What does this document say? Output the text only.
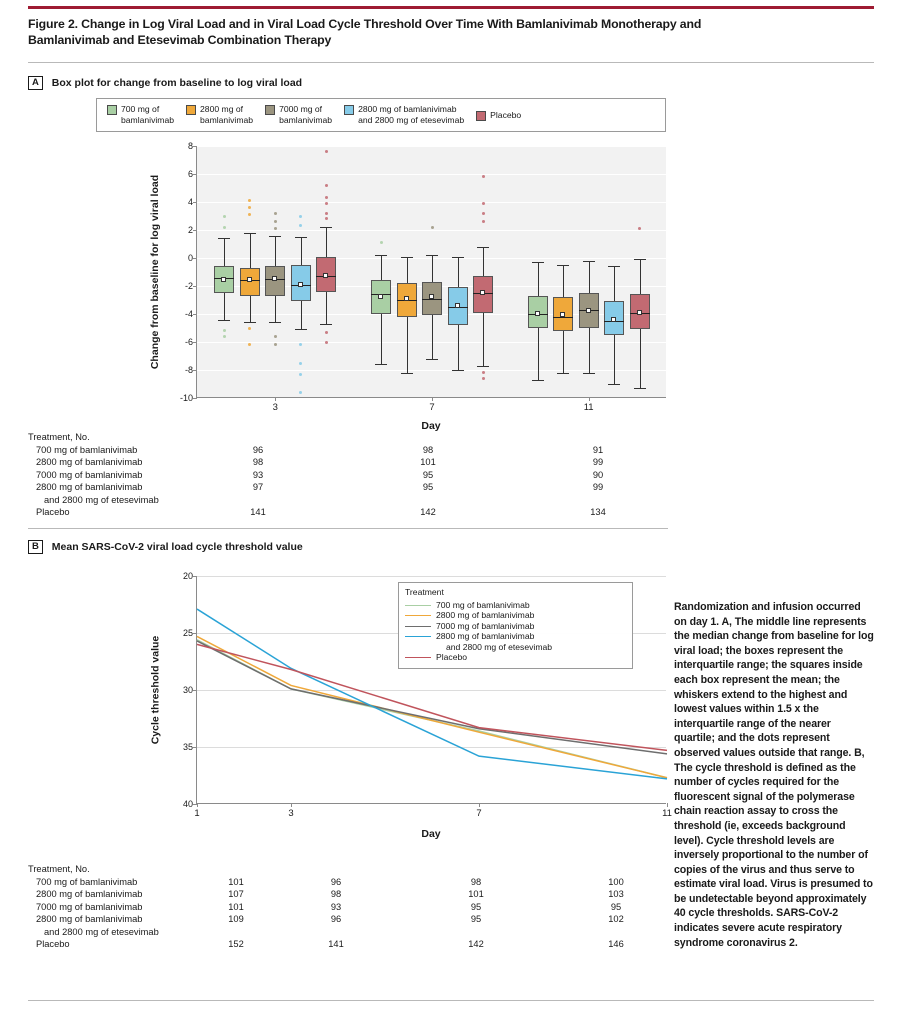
Figure 2. Change in Log Viral Load and in Viral Load Cycle Threshold Over Time With Bamlanivimab Monotherapy and Bamlanivimab and Etesevimab Combination Therapy
A Box plot for change from baseline to log viral load
700 mg of
bamlanivimab
2800 mg of
bamlanivimab
7000 mg of
bamlanivimab
2800 mg of bamlanivimab
and 2800 mg of etesevimab
Placebo
Change from baseline for log viral load
8
6
4
2
0
-2
-4
-6
-8
-10
3	7	11
Day
Treatment, No.
700 mg of bamlanivimab	96	98	91
2800 mg of bamlanivimab	98	101	99
7000 mg of bamlanivimab	93	95	90
2800 mg of bamlanivimab	97	95	99
and 2800 mg of etesevimab
Placebo	141	142	134
B Mean SARS-CoV-2 viral load cycle threshold value
Cycle threshold value
20
25
30
35
40
1	3	7	11
Treatment
700 mg of bamlanivimab
2800 mg of bamlanivimab
7000 mg of bamlanivimab
2800 mg of bamlanivimab
and 2800 mg of etesevimab
Placebo
Day
Treatment, No.
700 mg of bamlanivimab	101	96	98	100
2800 mg of bamlanivimab	107	98	101	103
7000 mg of bamlanivimab	101	93	95	95
2800 mg of bamlanivimab	109	96	95	102
and 2800 mg of etesevimab
Placebo	152	141	142	146
Randomization and infusion occurred on day 1. A, The middle line represents the median change from baseline for log viral load; the boxes represent the interquartile range; the squares inside each box represent the mean; the whiskers extend to the highest and lowest values within 1.5 x the interquartile range of the nearer quartile; and the dots represent observed values outside that range. B, The cycle threshold is defined as the number of cycles required for the fluorescent signal of the polymerase chain reaction assay to cross the threshold (ie, exceeds background level). Cycle threshold levels are inversely proportional to the number of copies of the virus and thus serve to estimate viral load. Virus is presumed to be undetectable beyond approximately 40 cycle thresholds. SARS-CoV-2 indicates severe acute respiratory syndrome coronavirus 2.
